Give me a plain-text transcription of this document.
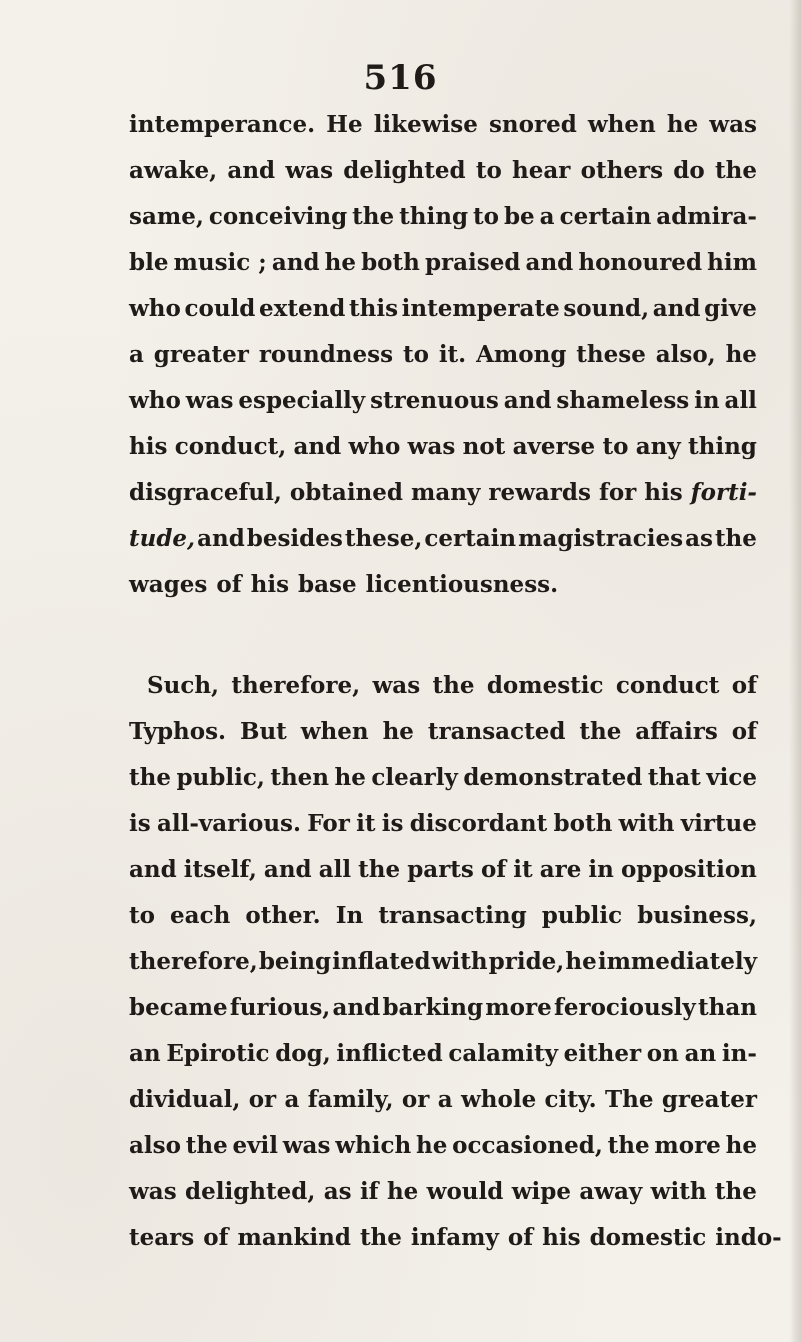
516
intemperance. He likewise snored when he was
awake, and was delighted to hear others do the
same, conceiving the thing to be a certain admira-
ble music ; and he both praised and honoured him
who could extend this intemperate sound, and give
a greater roundness to it. Among these also, he
who was especially strenuous and shameless in all
his conduct, and who was not averse to any thing
disgraceful, obtained many rewards for his forti-
tude, and besides these, certain magistracies as the
wages of his base licentiousness.
Such, therefore, was the domestic conduct of
Typhos. But when he transacted the affairs of
the public, then he clearly demonstrated that vice
is all-various. For it is discordant both with virtue
and itself, and all the parts of it are in opposition
to each other. In transacting public business,
therefore, being inflated with pride, he immediately
became furious, and barking more ferociously than
an Epirotic dog, inflicted calamity either on an in-
dividual, or a family, or a whole city. The greater
also the evil was which he occasioned, the more he
was delighted, as if he would wipe away with the
tears of mankind the infamy of his domestic indo-
